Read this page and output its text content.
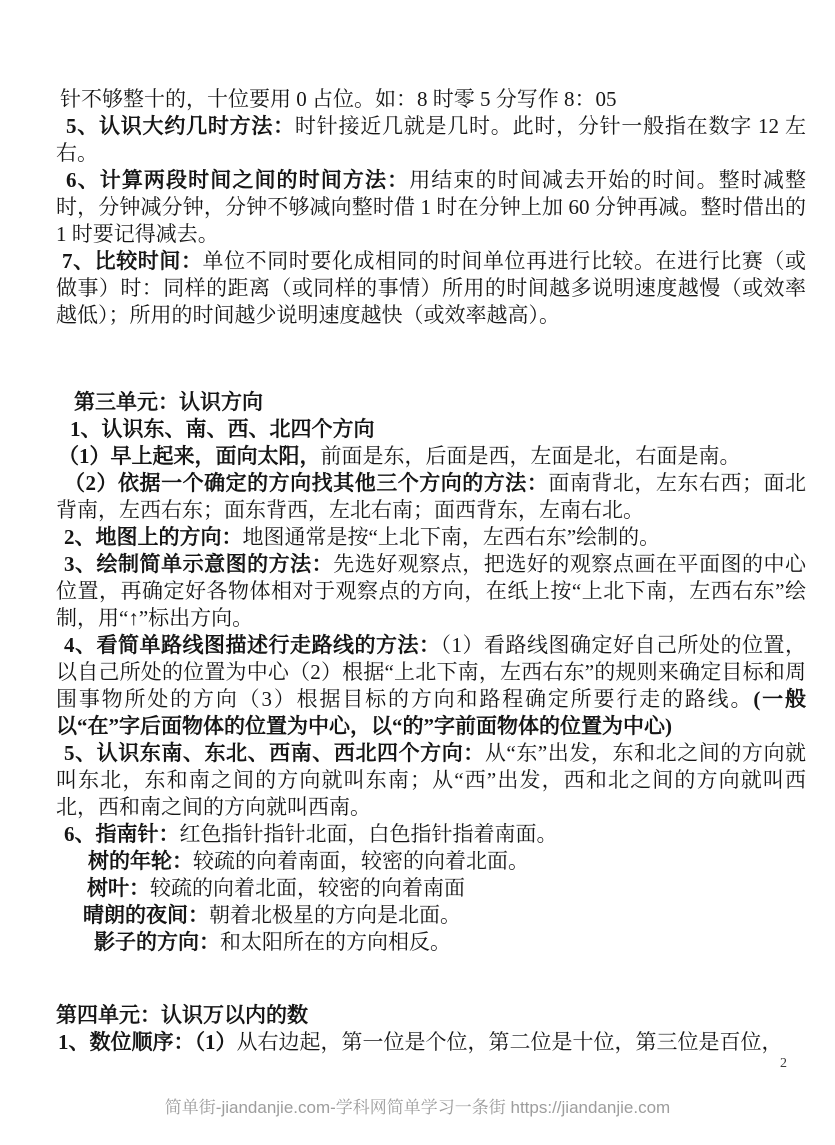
针不够整十的，十位要用 0 占位。如：8 时零 5 分写作 8：05

5、认识大约几时方法：时针接近几就是几时。此时，分针一般指在数字 12 左右。

6、计算两段时间之间的时间方法：用结束的时间减去开始的时间。整时减整时，分钟减分钟，分钟不够减向整时借 1 时在分钟上加 60 分钟再减。整时借出的 1 时要记得减去。

7、比较时间：单位不同时要化成相同的时间单位再进行比较。在进行比赛（或做事）时：同样的距离（或同样的事情）所用的时间越多说明速度越慢（或效率越低）；所用的时间越少说明速度越快（或效率越高）。

第三单元：认识方向

1、认识东、南、西、北四个方向

（1）早上起来，面向太阳，前面是东，后面是西，左面是北，右面是南。

（2）依据一个确定的方向找其他三个方向的方法：面南背北，左东右西；面北背南，左西右东；面东背西，左北右南；面西背东，左南右北。

2、地图上的方向：地图通常是按“上北下南，左西右东”绘制的。

3、绘制简单示意图的方法：先选好观察点，把选好的观察点画在平面图的中心位置，再确定好各物体相对于观察点的方向，在纸上按“上北下南，左西右东”绘制，用“↑”标出方向。

4、看简单路线图描述行走路线的方法：（1）看路线图确定好自己所处的位置，以自己所处的位置为中心（2）根据“上北下南，左西右东”的规则来确定目标和周围事物所处的方向（3）根据目标的方向和路程确定所要行走的路线。(一般以“在”字后面物体的位置为中心，以“的”字前面物体的位置为中心)

5、认识东南、东北、西南、西北四个方向：从“东”出发，东和北之间的方向就叫东北，东和南之间的方向就叫东南；从“西”出发，西和北之间的方向就叫西北，西和南之间的方向就叫西南。

6、指南针：红色指针指针北面，白色指针指着南面。

树的年轮：较疏的向着南面，较密的向着北面。

树叶：较疏的向着北面，较密的向着南面

晴朗的夜间：朝着北极星的方向是北面。

影子的方向：和太阳所在的方向相反。

第四单元：认识万以内的数

1、数位顺序：（1）从右边起，第一位是个位，第二位是十位，第三位是百位，

2
简单街-jiandanjie.com-学科网简单学习一条街 https://jiandanjie.com
